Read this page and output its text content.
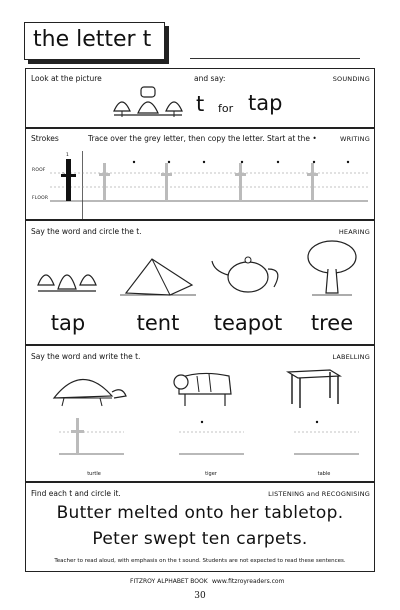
the letter t
Look at the picture	and say:	SOUNDING
t for tap
Strokes	Trace over the grey letter, then copy the letter. Start at the •	WRITING
ROOF
FLOOR
1
Say the word and circle the t.	HEARING
tap	tent	teapot	tree
Say the word and write the t.	LABELLING
turtle	tiger	table
Find each t and circle it.	LISTENING and RECOGNISING
Butter melted onto her tabletop.
Peter swept ten carpets.
Teacher to read aloud, with emphasis on the t sound. Students are not expected to read these sentences.
FITZROY ALPHABET BOOK www.fitzroyreaders.com
30
